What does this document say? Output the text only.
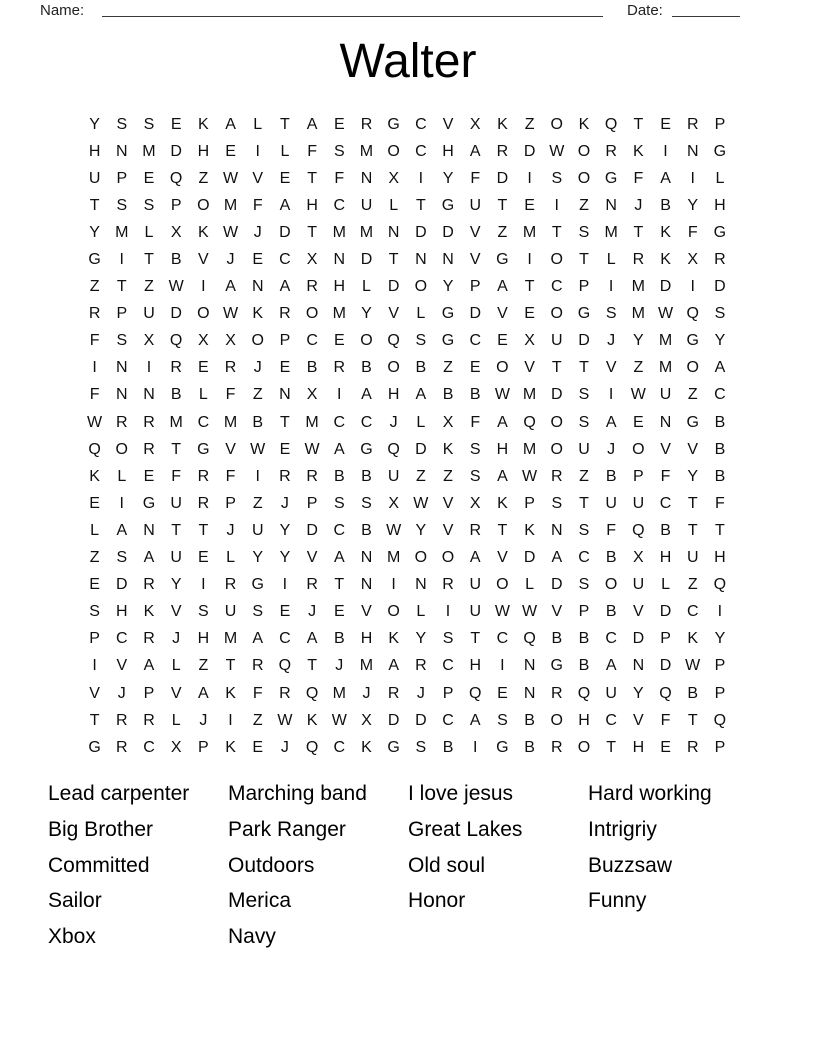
Name:	Date:
Walter
Y	S	S	E	K	A	L	T	A	E	R G C	V	X	K	Z	O K Q	T	E	R	P
H N M D H	E	I	L	F	S M O C H	A	R D W O R	K	I	N G
U	P	E Q	Z W V	E	T	F	N	X	I	Y	F	D	I	S O G	F	A	I	L
T	S	S	P O M F	A	H C U	L	T	G U	T	E	I	Z	N	J	B	Y	H
Y M	L	X	K W J	D	T M M N D D	V	Z M T	S M T	K	F	G
G	I	T	B	V	J	E	C	X	N D	T	N N	V G	I	O	T	L	R	K	X	R
Z	T	Z W	I	A	N	A	R H	L	D O Y	P	A	T	C	P	I	M D	I	D
R	P	U D O W K	R O M Y	V	L	G D	V	E O G S M W Q S
F	S	X Q X	X O P	C	E O Q S G C	E	X	U D	J	Y M G Y
I	N	I	R	E	R	J	E	B	R	B O B	Z	E O V	T	T	V	Z M O A
F	N N	B	L	F	Z	N	X	I	A	H	A	B	B W M D	S	I	W U	Z	C
W R R M C M B	T M C C	J	L	X	F	A Q O S	A	E	N G B
Q O R	T	G V W E W A G Q D	K	S	H M O U	J	O V	V	B
K	L	E	F	R	F	I	R R	B	B	U	Z	Z	S	A W R	Z	B	P	F	Y	B
E	I	G U R	P	Z	J	P	S	S	X W V	X	K	P	S	T	U U C	T	F
L	A	N	T	T	J	U	Y	D C	B W Y	V	R	T	K	N	S	F	Q B	T	T
Z	S	A	U	E	L	Y	Y	V	A	N M O O A	V	D	A	C	B	X	H U H
E	D R	Y	I	R G	I	R	T	N	I	N R U O	L	D	S O U	L	Z	Q
S	H	K	V	S	U	S	E	J	E	V O	L	I	U W W V	P	B	V	D C	I
P	C R	J	H M A	C	A	B	H	K	Y	S	T	C Q B	B	C D	P	K	Y
I	V	A	L	Z	T	R Q	T	J	M A	R C H	I	N G B	A	N D W P
V	J	P	V	A	K	F	R Q M	J	R	J	P Q E	N R Q U	Y Q B	P
T	R R	L	J	I	Z W K W X	D D C	A	S	B O H C	V	F	T	Q
G R C	X	P	K	E	J	Q C	K G S	B	I	G B	R O	T	H	E	R	P
Lead carpenter
Big Brother
Committed
Sailor
Xbox
Marching band
Park Ranger
Outdoors
Merica
Navy
I love jesus
Great Lakes
Old soul
Honor
Hard working
Intrigriy
Buzzsaw
Funny
